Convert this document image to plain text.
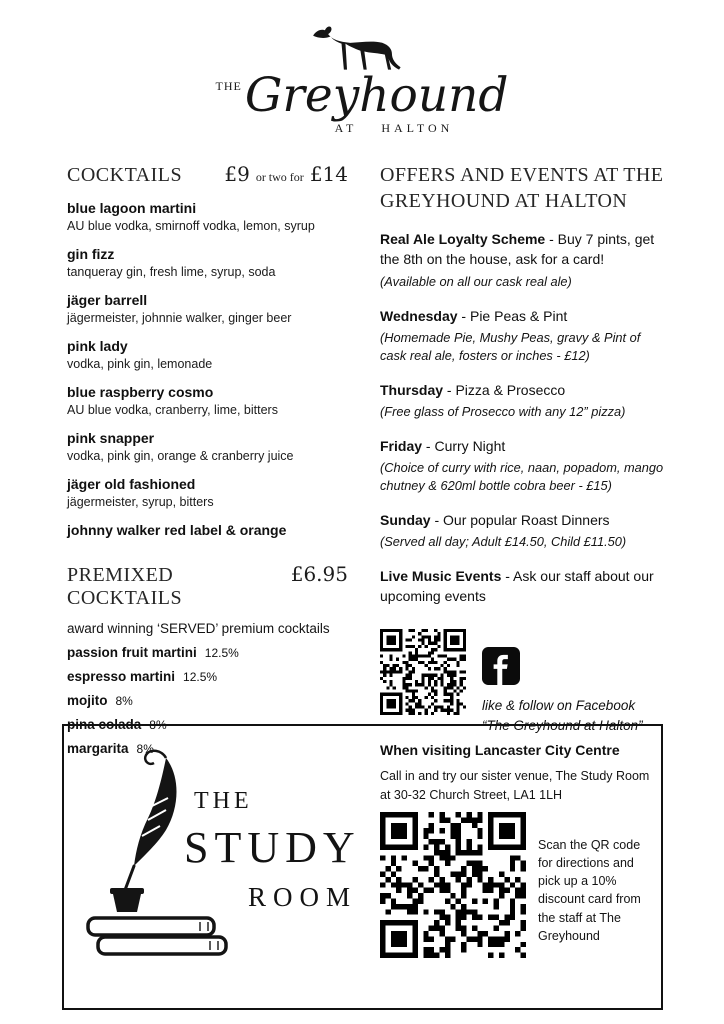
THEGreyhound
AT HALTON
COCKTAILS £9 or two for £14
blue lagoon martini
AU blue vodka, smirnoff vodka, lemon, syrup
gin fizz
tanqueray gin, fresh lime, syrup, soda
jäger barrell
jägermeister, johnnie walker, ginger beer
pink lady
vodka, pink gin, lemonade
blue raspberry cosmo
AU blue vodka, cranberry, lime, bitters
pink snapper
vodka, pink gin, orange & cranberry juice
jäger old fashioned
jägermeister, syrup, bitters
johnny walker red label & orange
PREMIXED COCKTAILS
£6.95
award winning ‘SERVED’ premium cocktails
passion fruit martini 12.5%
espresso martini 12.5%
mojito 8%
pina colada 8%
margarita 8%
OFFERS AND EVENTS AT THE GREYHOUND AT HALTON

Real Ale Loyalty Scheme - Buy 7 pints, get the 8th on the house, ask for a card!

(Available on all our cask real ale)

Wednesday - Pie Peas & Pint

(Homemade Pie, Mushy Peas, gravy & Pint of cask real ale, fosters or inches - £12)

Thursday - Pizza & Prosecco

(Free glass of Prosecco with any 12” pizza)

Friday - Curry Night

(Choice of curry with rice, naan, popadom, mango chutney & 620ml bottle cobra beer - £15)

Sunday - Our popular Roast Dinners

(Served all day; Adult £14.50, Child £11.50)

Live Music Events - Ask our staff about our upcoming events

like & follow on Facebook
“The Greyhound at Halton”
THE
STUDY
ROOM
When visiting Lancaster City Centre
Call in and try our sister venue, The Study Room
at 30-32 Church Street, LA1 1LH
Scan the QR code for directions and pick up a 10% discount card from the staff at The Greyhound
